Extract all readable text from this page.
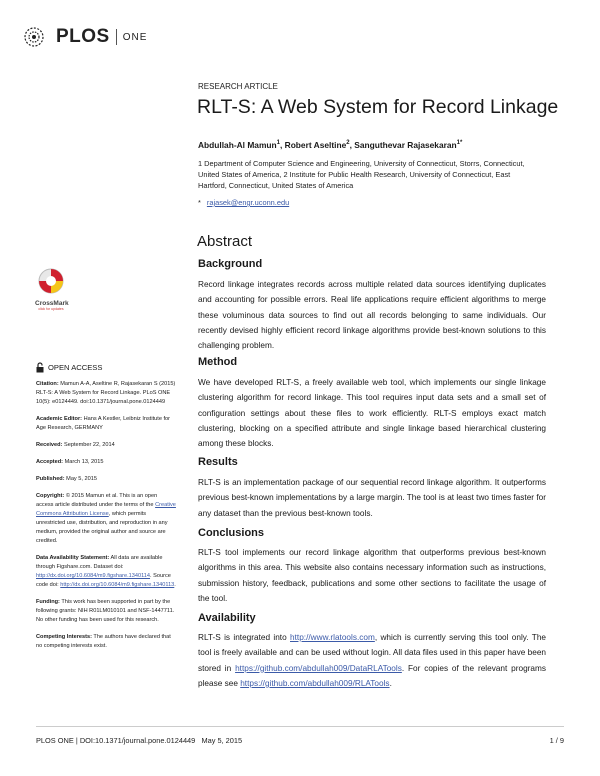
PLOS ONE
RESEARCH ARTICLE
RLT-S: A Web System for Record Linkage
Abdullah-Al Mamun$^1$, Robert Aseltine$^2$, Sanguthevar Rajasekaran$^{1*}$
1 Department of Computer Science and Engineering, University of Connecticut, Storrs, Connecticut, United States of America, 2 Institute for Public Health Research, University of Connecticut, East Hartford, Connecticut, United States of America
* rajasek@engr.uconn.edu
Abstract
Background
Record linkage integrates records across multiple related data sources identifying duplicates and accounting for possible errors. Real life applications require efficient algorithms to merge these voluminous data sources to find out all records belonging to same individuals. Our recently devised highly efficient record linkage algorithms provide best-known solutions to this challenging problem.
Method
We have developed RLT-S, a freely available web tool, which implements our single linkage clustering algorithm for record linkage. This tool requires input data sets and a small set of configuration settings about these files to work efficiently. RLT-S employs exact match clustering, blocking on a specified attribute and single linkage based hierarchical clustering among these blocks.
Results
RLT-S is an implementation package of our sequential record linkage algorithm. It outperforms previous best-known implementations by a large margin. The tool is at least two times faster for any dataset than the previous best-known tools.
Conclusions
RLT-S tool implements our record linkage algorithm that outperforms previous best-known algorithms in this area. This website also contains necessary information such as instructions, submission history, feedback, publications and some other sections to facilitate the usage of the tool.
Availability
RLT-S is integrated into http://www.rlatools.com, which is currently serving this tool only. The tool is freely available and can be used without login. All data files used in this paper have been stored in https://github.com/abdullah009/DataRLATools. For copies of the relevant programs please see https://github.com/abdullah009/RLATools.
CrossMark
click for updates
OPEN ACCESS
Citation: Mamun A-A, Aseltine R, Rajasekaran S (2015) RLT-S: A Web System for Record Linkage. PLoS ONE 10(5): e0124449. doi:10.1371/journal.pone.0124449
Academic Editor: Hans A Kestler, Leibniz Institute for Age Research, GERMANY
Received: September 22, 2014
Accepted: March 13, 2015
Published: May 5, 2015
Copyright: © 2015 Mamun et al. This is an open access article distributed under the terms of the Creative Commons Attribution License, which permits unrestricted use, distribution, and reproduction in any medium, provided the original author and source are credited.
Data Availability Statement: All data are available through Figshare.com. Dataset doi: http://dx.doi.org/10.6084/m9.figshare.1340114. Source code doi: http://dx.doi.org/10.6084/m9.figshare.1340113.
Funding: This work has been supported in part by the following grants: NIH R01LM010101 and NSF-1447711. No other funding has been used for this research.
Competing Interests: The authors have declared that no competing interests exist.
PLOS ONE | DOI:10.1371/journal.pone.0124449   May 5, 2015	1 / 9
